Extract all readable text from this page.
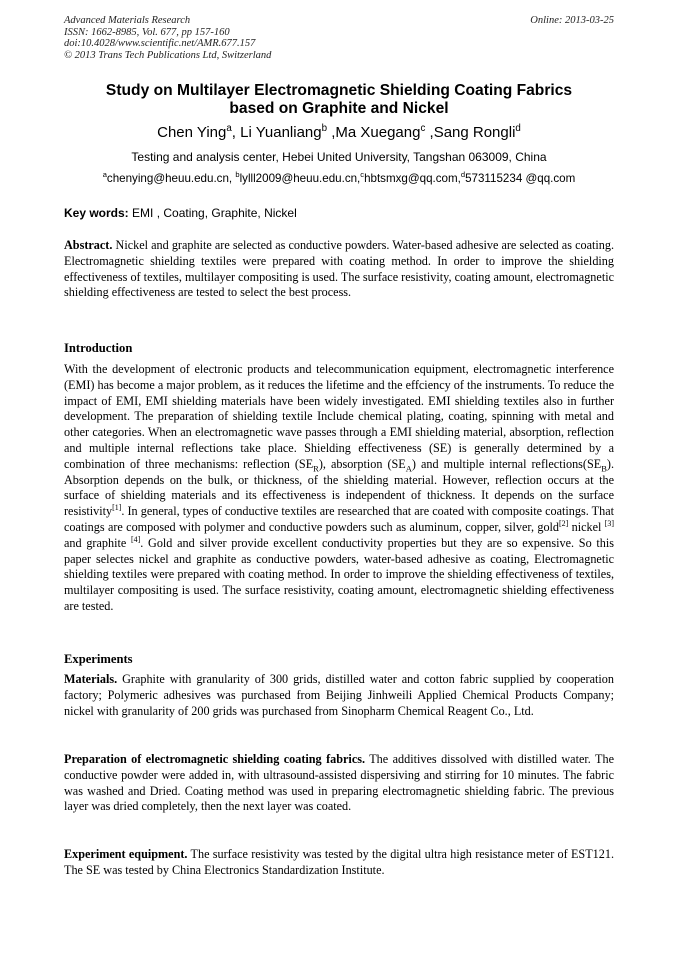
Advanced Materials Research
ISSN: 1662-8985, Vol. 677, pp 157-160
doi:10.4028/www.scientific.net/AMR.677.157
© 2013 Trans Tech Publications Ltd, Switzerland
Online: 2013-03-25
Study on Multilayer Electromagnetic Shielding Coating Fabrics
based on Graphite and Nickel
Chen Ying$^a$, Li Yuanliang$^b$ ,Ma Xuegang$^c$ ,Sang Rongli$^d$
Testing and analysis center, Hebei United University, Tangshan 063009, China
$^a$chenying@heuu.edu.cn, $^b$lylll2009@heuu.edu.cn,$^c$hbtsmxg@qq.com,$^d$573115234 @qq.com
Key words: EMI , Coating, Graphite, Nickel

Abstract. Nickel and graphite are selected as conductive powders. Water-based adhesive are selected as coating. Electromagnetic shielding textiles were prepared with coating method. In order to improve the shielding effectiveness of textiles, multilayer compositing is used. The surface resistivity, coating amount, electromagnetic shielding effectiveness are tested to select the best process.

Introduction

With the development of electronic products and telecommunication equipment, electromagnetic interference (EMI) has become a major problem, as it reduces the lifetime and the effciency of the instruments. To reduce the impact of EMI, EMI shielding materials have been widely investigated. EMI shielding textiles also in further development. The preparation of shielding textile Include chemical plating, coating, spinning with metal and other categories. When an electromagnetic wave passes through a EMI shielding material, absorption, reflection and multiple internal reflections take place. Shielding effectiveness (SE) is generally determined by a combination of three mechanisms: reflection $(SE_R)$, absorption $(SE_A)$ and multiple internal $reflections(SE_B)$. Absorption depends on the bulk, or thickness, of the shielding material. However, reflection occurs at the surface of shielding materials and its effectiveness is independent of thickness. It depends on the surface resistivity[1]. In general, types of conductive textiles are researched that are coated with composite coatings. That coatings are composed with polymer and conductive powders such as aluminum, copper, silver, gold[2] nickel [3] and graphite [4]. Gold and silver provide excellent conductivity properties but they are so expensive. So this paper selectes nickel and graphite as conductive powders, water-based adhesive as coating, Electromagnetic shielding textiles were prepared with coating method. In order to improve the shielding effectiveness of textiles, multilayer compositing is used. The surface resistivity, coating amount, electromagnetic shielding effectiveness are tested.

Experiments

Materials. Graphite with granularity of 300 grids, distilled water and cotton fabric supplied by cooperation factory; Polymeric adhesives was purchased from Beijing Jinhweili Applied Chemical Products Company; nickel with granularity of 200 grids was purchased from Sinopharm Chemical Reagent Co., Ltd.

Preparation of electromagnetic shielding coating fabrics. The additives dissolved with distilled water. The conductive powder were added in, with ultrasound-assisted dispersiving and stirring for 10 minutes. The fabric was washed and Dried. Coating method was used in preparing electromagnetic shielding fabric. The previous layer was dried completely, then the next layer was coated.

Experiment equipment. The surface resistivity was tested by the digital ultra high resistance meter of EST121. The SE was tested by China Electronics Standardization Institute.
